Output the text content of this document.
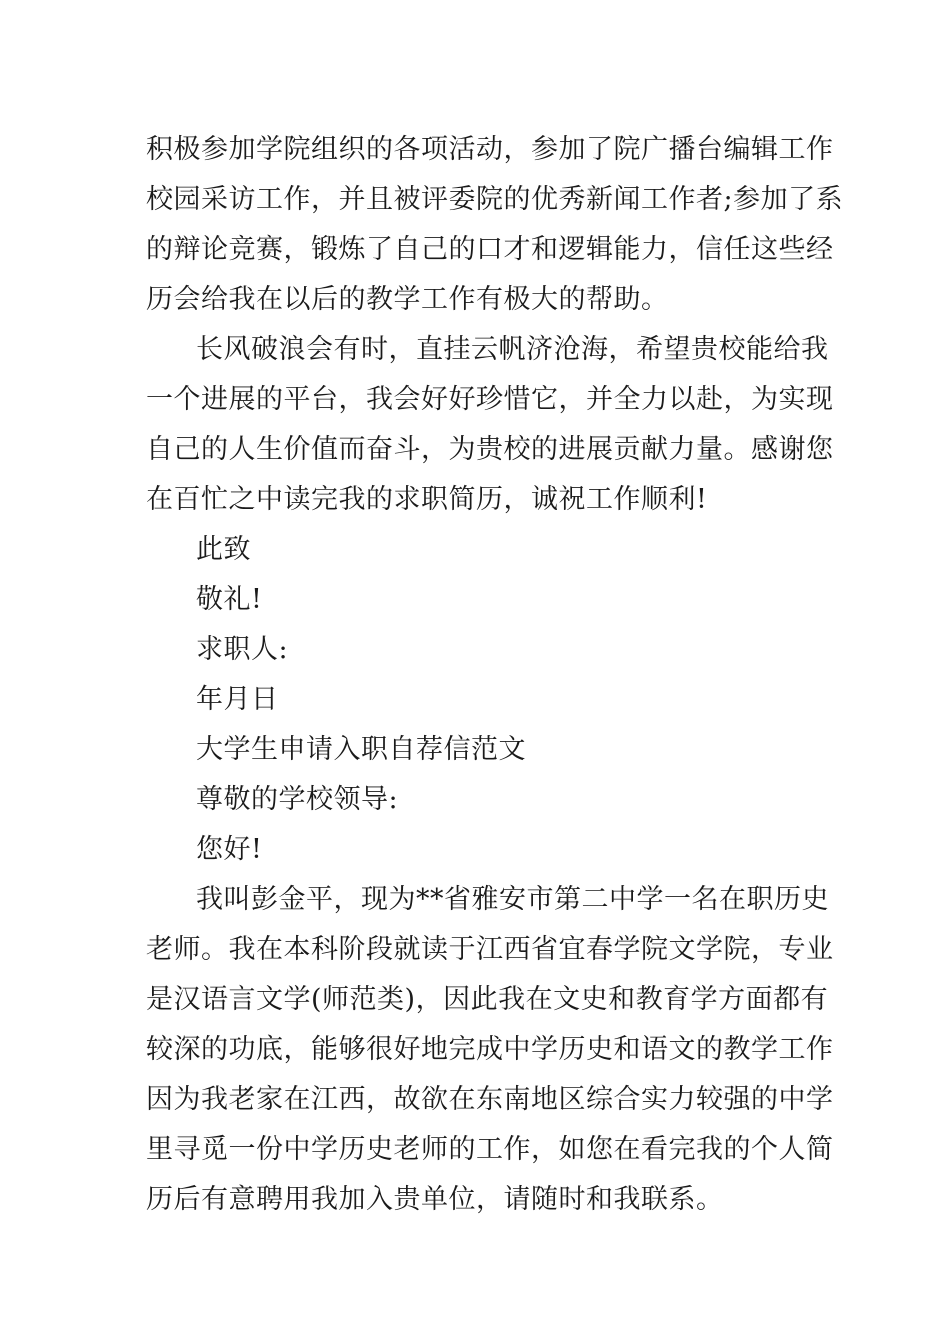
积极参加学院组织的各项活动，参加了院广播台编辑工作
校园采访工作，并且被评委院的优秀新闻工作者;参加了系
的辩论竞赛，锻炼了自己的口才和逻辑能力，信任这些经
历会给我在以后的教学工作有极大的帮助。
长风破浪会有时，直挂云帆济沧海，希望贵校能给我
一个进展的平台，我会好好珍惜它，并全力以赴，为实现
自己的人生价值而奋斗，为贵校的进展贡献力量。感谢您
在百忙之中读完我的求职简历，诚祝工作顺利!
此致
敬礼!
求职人:
年月日
大学生申请入职自荐信范文
尊敬的学校领导:
您好!
我叫彭金平，现为**省雅安市第二中学一名在职历史
老师。我在本科阶段就读于江西省宜春学院文学院，专业
是汉语言文学(师范类)，因此我在文史和教育学方面都有
较深的功底，能够很好地完成中学历史和语文的教学工作
因为我老家在江西，故欲在东南地区综合实力较强的中学
里寻觅一份中学历史老师的工作，如您在看完我的个人简
历后有意聘用我加入贵单位，请随时和我联系。
